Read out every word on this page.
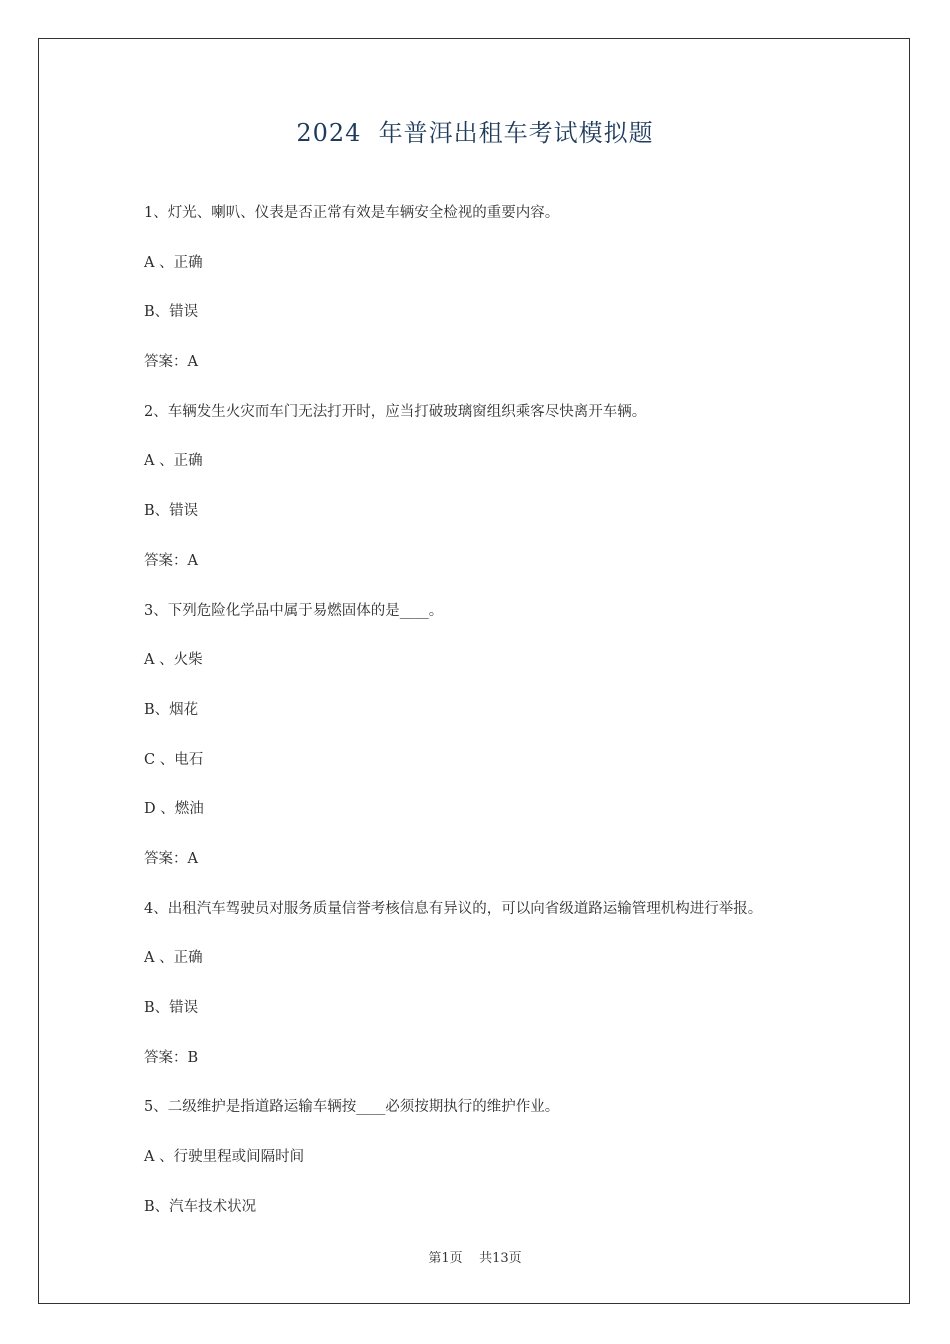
2024  年普洱出租车考试模拟题
1、灯光、喇叭、仪表是否正常有效是车辆安全检视的重要内容。
A 、正确
B、错误
答案：A
2、车辆发生火灾而车门无法打开时，应当打破玻璃窗组织乘客尽快离开车辆。
A 、正确
B、错误
答案：A
3、下列危险化学品中属于易燃固体的是____。
A 、火柴
B、烟花
C 、电石
D 、燃油
答案：A
4、出租汽车驾驶员对服务质量信誉考核信息有异议的，可以向省级道路运输管理机构进行举报。
A 、正确
B、错误
答案：B
5、二级维护是指道路运输车辆按____必须按期执行的维护作业。
A 、行驶里程或间隔时间
B、汽车技术状况
第1页    共13页
